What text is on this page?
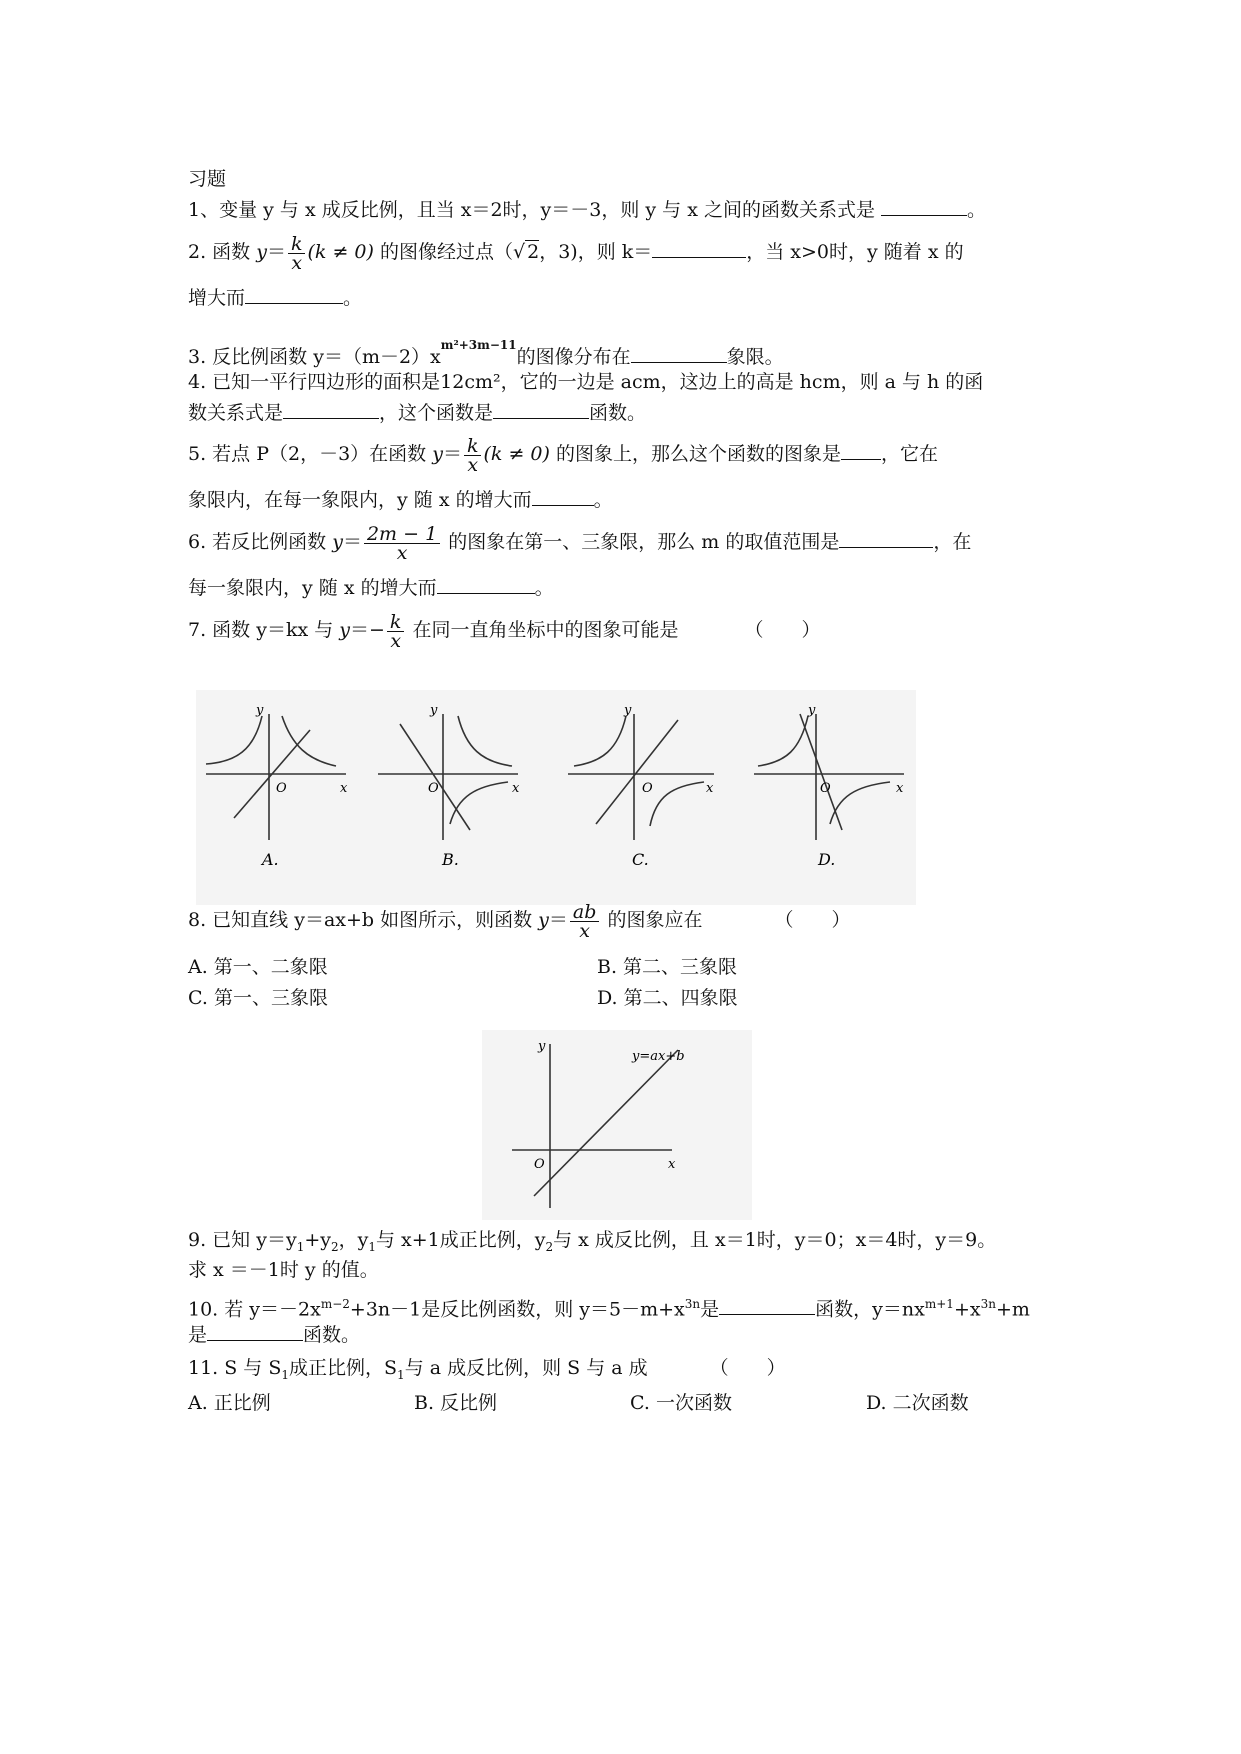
习题
1、变量 y 与 x 成反比例，且当 x＝2时，y＝－3，则 y 与 x 之间的函数关系式是	。
2. 函数 $y= \frac{k}{x} (k \ne 0)$ 的图像经过点（√ 2，3)，则 k＝	，当 x>0时，y 随着 x 的
增大而	。
3. 反比例函数 $y=(m-2)x^{m^2+3m-11}$的图像分布在	象限。
4. 已知一平行四边形的面积是12cm²，它的一边是 acm，这边上的高是 hcm，则 a 与 h 的函
数关系式是	，这个函数是	函数。
5. 若点 P（2，－3）在函数 $y= \frac{k}{x} (k \ne 0)$ 的图象上，那么这个函数的图象是 ，它在
象限内，在每一象限内，y 随 x 的增大而	。
6. 若反比例函数 $y= \frac{2m - 1}{x}$ 的图象在第一、三象限，那么 m 的取值范围是	，在
每一象限内，y 随 x 的增大而	。
7. 函数 y＝kx 与 $y=- \frac{k}{x}$ 在同一直角坐标中的图象可能是	（　　）
y
O	x
A.
y
O	x
B.
y
O	x
C.
y
O	x
D.
8. 已知直线 y＝ax+b 如图所示，则函数 $y= \frac{ab}{x}$ 的图象应在	（　　）
A. 第一、二象限	B. 第二、三象限
C. 第一、三象限	D. 第二、四象限
y
O	x
y=ax+b
9. 已知 $y=y_1+y_2$，$y_1$与 x+1成正比例，$y_2$与 x 成反比例，且 x＝1时，y＝0；x＝4时，y＝9。
求 x ＝－1时 y 的值。
10. 若 $y=-2x^{m-2}+3n-1$是反比例函数，则 $y=5-m+x^{3n}$是	函数，$y=nx^{m+1}+x^{3n}+m$
是	函数。
11. S 与 $S_1$成正比例，$S_1$与 a 成反比例，则 S 与 a 成	（　　）
A. 正比例	B. 反比例	C. 一次函数	D. 二次函数
